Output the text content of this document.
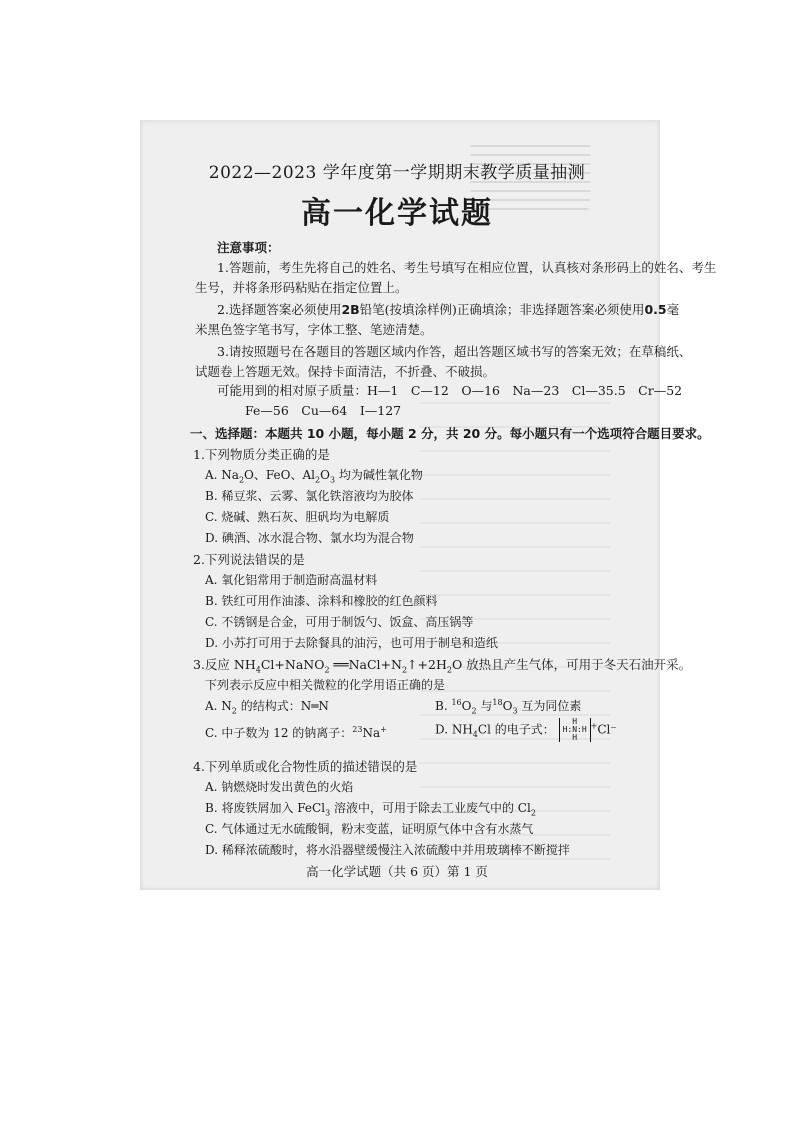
2022—2023 学年度第一学期期末教学质量抽测
高一化学试题
注意事项：
1.答题前，考生先将自己的姓名、考生号填写在相应位置，认真核对条形码上的姓名、考生
生号，并将条形码粘贴在指定位置上。
2.选择题答案必须使用2B铅笔(按填涂样例)正确填涂；非选择题答案必须使用0.5毫
米黑色签字笔书写，字体工整、笔迹清楚。
3.请按照题号在各题目的答题区域内作答，超出答题区域书写的答案无效；在草稿纸、
试题卷上答题无效。保持卡面清洁，不折叠、不破损。
可能用到的相对原子质量：H—1　C—12　O—16　Na—23　Cl—35.5　Cr—52
Fe—56　Cu—64　I—127
一、选择题：本题共 10 小题，每小题 2 分，共 20 分。每小题只有一个选项符合题目要求。
1.下列物质分类正确的是
A. $Na_2O$、FeO、$Al_2O_3$ 均为碱性氧化物
B. 稀豆浆、云雾、氯化铁溶液均为胶体
C. 烧碱、熟石灰、胆矾均为电解质
D. 碘酒、冰水混合物、氯水均为混合物
2.下列说法错误的是
A. 氧化铝常用于制造耐高温材料
B. 铁红可用作油漆、涂料和橡胶的红色颜料
C. 不锈钢是合金，可用于制饭勺、饭盒、高压锅等
D. 小苏打可用于去除餐具的油污，也可用于制皂和造纸
3.反应 $NH_4Cl+NaNO_2$ $══NaCl+N_2↑+2H_2O$ 放热且产生气体，可用于冬天石油开采。
下列表示反应中相关微粒的化学用语正确的是
A. $N_2$ 的结构式：N═N	B. $^{16}O_2$ 与$^{18}O_3$ 互为同位素
C. 中子数为 12 的钠离子：$^{23}$Na+	D. $NH_4Cl$ 的电子式： H
H:N:H
H+Cl⁻
4.下列单质或化合物性质的描述错误的是
A. 钠燃烧时发出黄色的火焰
B. 将废铁屑加入 FeCl$_3$ 溶液中，可用于除去工业废气中的 $Cl_2$
C. 气体通过无水硫酸铜，粉末变蓝，证明原气体中含有水蒸气
D. 稀释浓硫酸时，将水沿器壁缓慢注入浓硫酸中并用玻璃棒不断搅拌
高一化学试题（共 6 页）第 1 页
